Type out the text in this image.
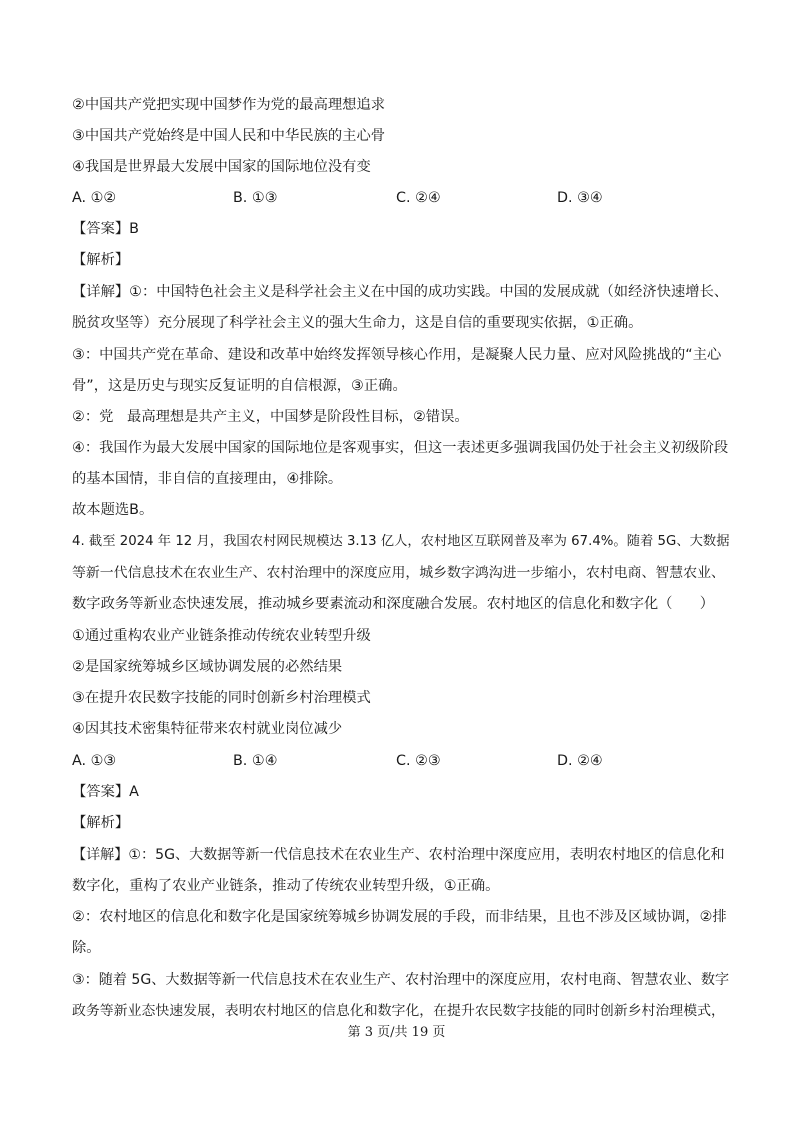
②中国共产党把实现中国梦作为党的最高理想追求
③中国共产党始终是中国人民和中华民族的主心骨
④我国是世界最大发展中国家的国际地位没有变
A. ①②	B. ①③	C. ②④	D. ③④
【答案】B
【解析】
【详解】①：中国特色社会主义是科学社会主义在中国的成功实践。中国的发展成就（如经济快速增长、
脱贫攻坚等）充分展现了科学社会主义的强大生命力，这是自信的重要现实依据，①正确。
③：中国共产党在革命、建设和改革中始终发挥领导核心作用，是凝聚人民力量、应对风险挑战的“主心
骨”，这是历史与现实反复证明的自信根源，③正确。
②：党   最高理想是共产主义，中国梦是阶段性目标，②错误。
④：我国作为最大发展中国家的国际地位是客观事实，但这一表述更多强调我国仍处于社会主义初级阶段
的基本国情，非自信的直接理由，④排除。
故本题选B。
4. 截至 2024 年 12 月，我国农村网民规模达 3.13 亿人，农村地区互联网普及率为 67.4%。随着 5G、大数据
等新一代信息技术在农业生产、农村治理中的深度应用，城乡数字鸿沟进一步缩小，农村电商、智慧农业、
数字政务等新业态快速发展，推动城乡要素流动和深度融合发展。农村地区的信息化和数字化（      ）
①通过重构农业产业链条推动传统农业转型升级
②是国家统筹城乡区域协调发展的必然结果
③在提升农民数字技能的同时创新乡村治理模式
④因其技术密集特征带来农村就业岗位减少
A. ①③	B. ①④	C. ②③	D. ②④
【答案】A
【解析】
【详解】①：5G、大数据等新一代信息技术在农业生产、农村治理中深度应用，表明农村地区的信息化和
数字化，重构了农业产业链条，推动了传统农业转型升级，①正确。
②：农村地区的信息化和数字化是国家统筹城乡协调发展的手段，而非结果，且也不涉及区域协调，②排
除。
③：随着 5G、大数据等新一代信息技术在农业生产、农村治理中的深度应用，农村电商、智慧农业、数字
政务等新业态快速发展，表明农村地区的信息化和数字化，在提升农民数字技能的同时创新乡村治理模式，
第 3 页/共 19 页
